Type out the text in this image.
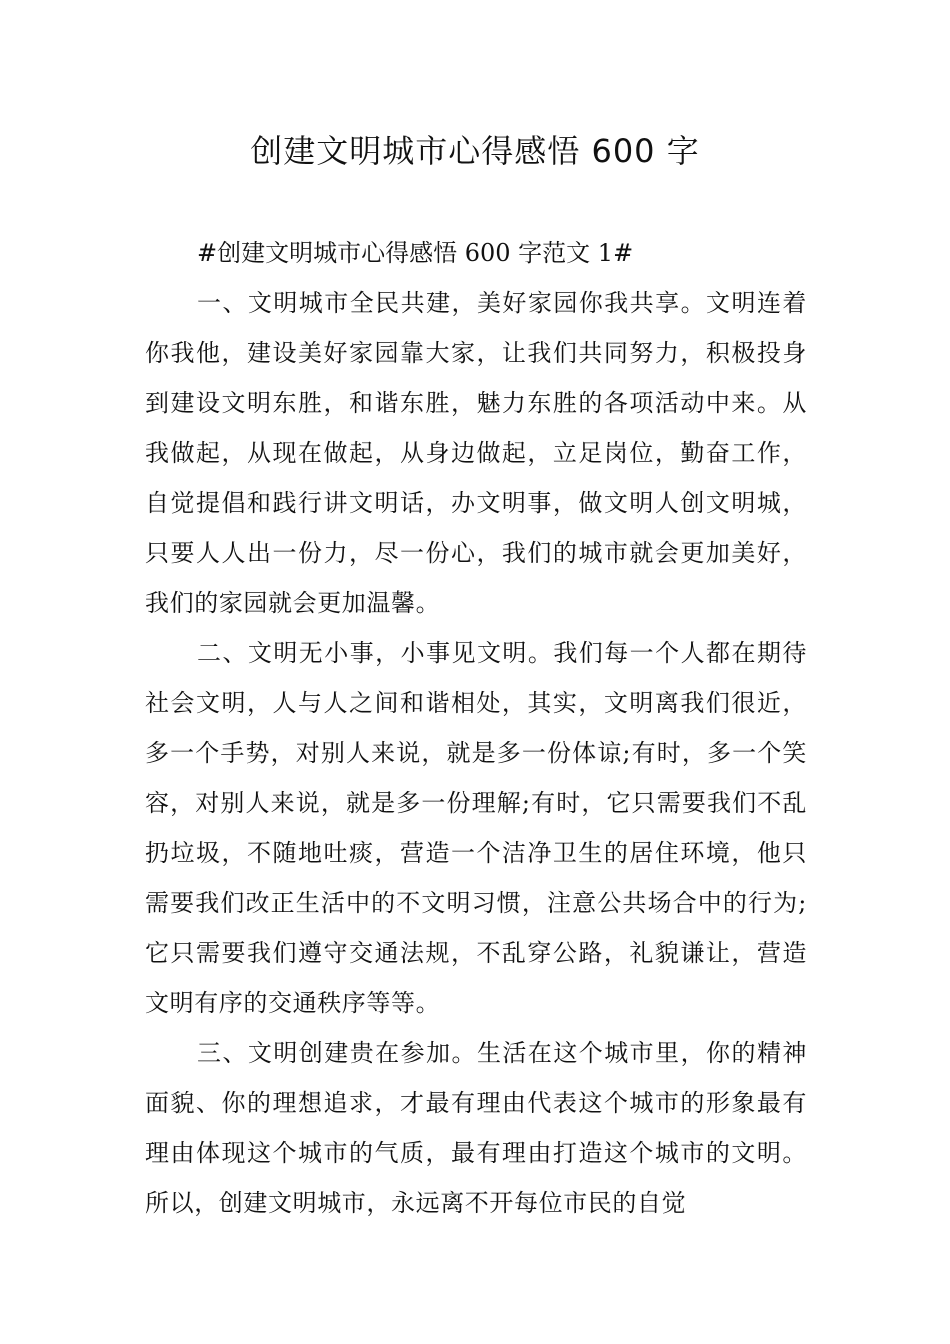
创建文明城市心得感悟 600 字

#创建文明城市心得感悟 600 字范文 1#

一、文明城市全民共建，美好家园你我共享。文明连着你我他，建设美好家园靠大家，让我们共同努力，积极投身到建设文明东胜，和谐东胜，魅力东胜的各项活动中来。从我做起，从现在做起，从身边做起，立足岗位，勤奋工作，自觉提倡和践行讲文明话，办文明事，做文明人创文明城，只要人人出一份力，尽一份心，我们的城市就会更加美好，我们的家园就会更加温馨。

二、文明无小事，小事见文明。我们每一个人都在期待社会文明，人与人之间和谐相处，其实，文明离我们很近，多一个手势，对别人来说，就是多一份体谅;有时，多一个笑容，对别人来说，就是多一份理解;有时，它只需要我们不乱扔垃圾，不随地吐痰，营造一个洁净卫生的居住环境，他只需要我们改正生活中的不文明习惯，注意公共场合中的行为;它只需要我们遵守交通法规，不乱穿公路，礼貌谦让，营造文明有序的交通秩序等等。

三、文明创建贵在参加。生活在这个城市里，你的精神面貌、你的理想追求，才最有理由代表这个城市的形象最有理由体现这个城市的气质，最有理由打造这个城市的文明。所以，创建文明城市，永远离不开每位市民的自觉
